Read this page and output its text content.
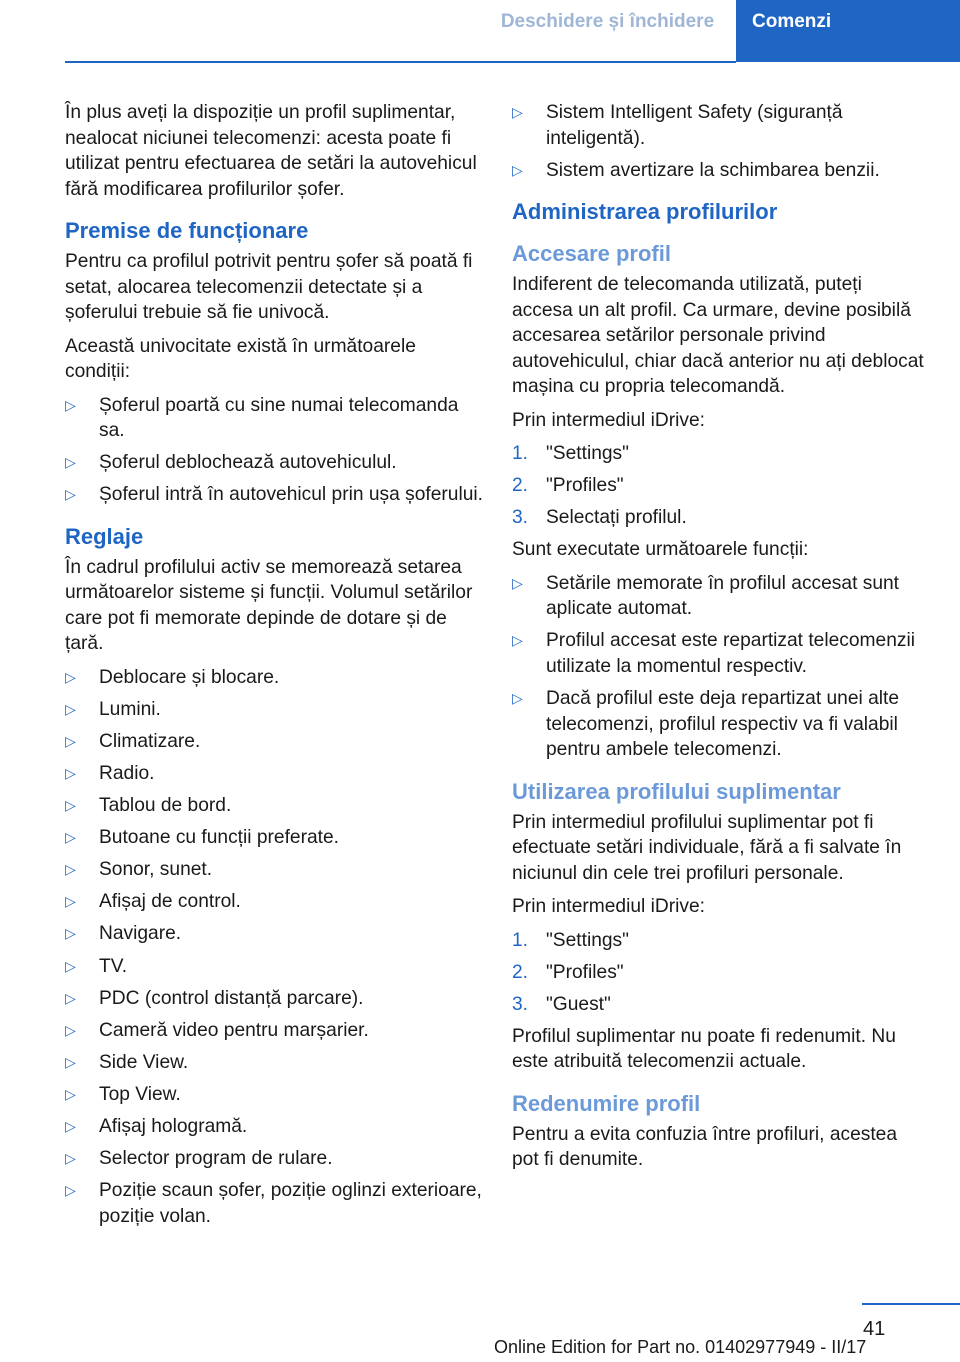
Deschidere și închidere	Comenzi

În plus aveți la dispoziție un profil suplimentar, nealocat niciunei telecomenzi: acesta poate fi utilizat pentru efectuarea de setări la autovehicul fără modificarea profilurilor șofer.

Premise de funcționare

Pentru ca profilul potrivit pentru șofer să poată fi setat, alocarea telecomenzii detectate și a șoferului trebuie să fie univocă.

Această univocitate există în următoarele condiții:

▷ Șoferul poartă cu sine numai telecomanda sa.
▷ Șoferul deblochează autovehiculul.
▷ Șoferul intră în autovehicul prin ușa șoferului.
Reglaje

În cadrul profilului activ se memorează setarea următoarelor sisteme și funcții. Volumul setărilor care pot fi memorate depinde de dotare și de țară.

▷ Deblocare și blocare.
▷ Lumini.
▷ Climatizare.
▷ Radio.
▷ Tablou de bord.
▷ Butoane cu funcții preferate.
▷ Sonor, sunet.
▷ Afișaj de control.
▷ Navigare.
▷ TV.
▷ PDC (control distanță parcare).
▷ Cameră video pentru marșarier.
▷ Side View.
▷ Top View.
▷ Afișaj hologramă.
▷ Selector program de rulare.
▷ Poziție scaun șofer, poziție oglinzi exterioare, poziție volan.
▷ Sistem Intelligent Safety (siguranță inteligentă).
▷ Sistem avertizare la schimbarea benzii.
Administrarea profilurilor
Accesare profil

Indiferent de telecomanda utilizată, puteți accesa un alt profil. Ca urmare, devine posibilă accesarea setărilor personale privind autovehiculul, chiar dacă anterior nu ați deblocat mașina cu propria telecomandă.

Prin intermediul iDrive:

1. "Settings"
2. "Profiles"
3. Selectați profilul.

Sunt executate următoarele funcții:

▷ Setările memorate în profilul accesat sunt aplicate automat.
▷ Profilul accesat este repartizat telecomenzii utilizate la momentul respectiv.
▷ Dacă profilul este deja repartizat unei alte telecomenzi, profilul respectiv va fi valabil pentru ambele telecomenzi.
Utilizarea profilului suplimentar

Prin intermediul profilului suplimentar pot fi efectuate setări individuale, fără a fi salvate în niciunul din cele trei profiluri personale.

Prin intermediul iDrive:

1. "Settings"
2. "Profiles"
3. "Guest"

Profilul suplimentar nu poate fi redenumit. Nu este atribuită telecomenzii actuale.

Redenumire profil

Pentru a evita confuzia între profiluri, acestea pot fi denumite.

41
Online Edition for Part no. 01402977949 - II/17
